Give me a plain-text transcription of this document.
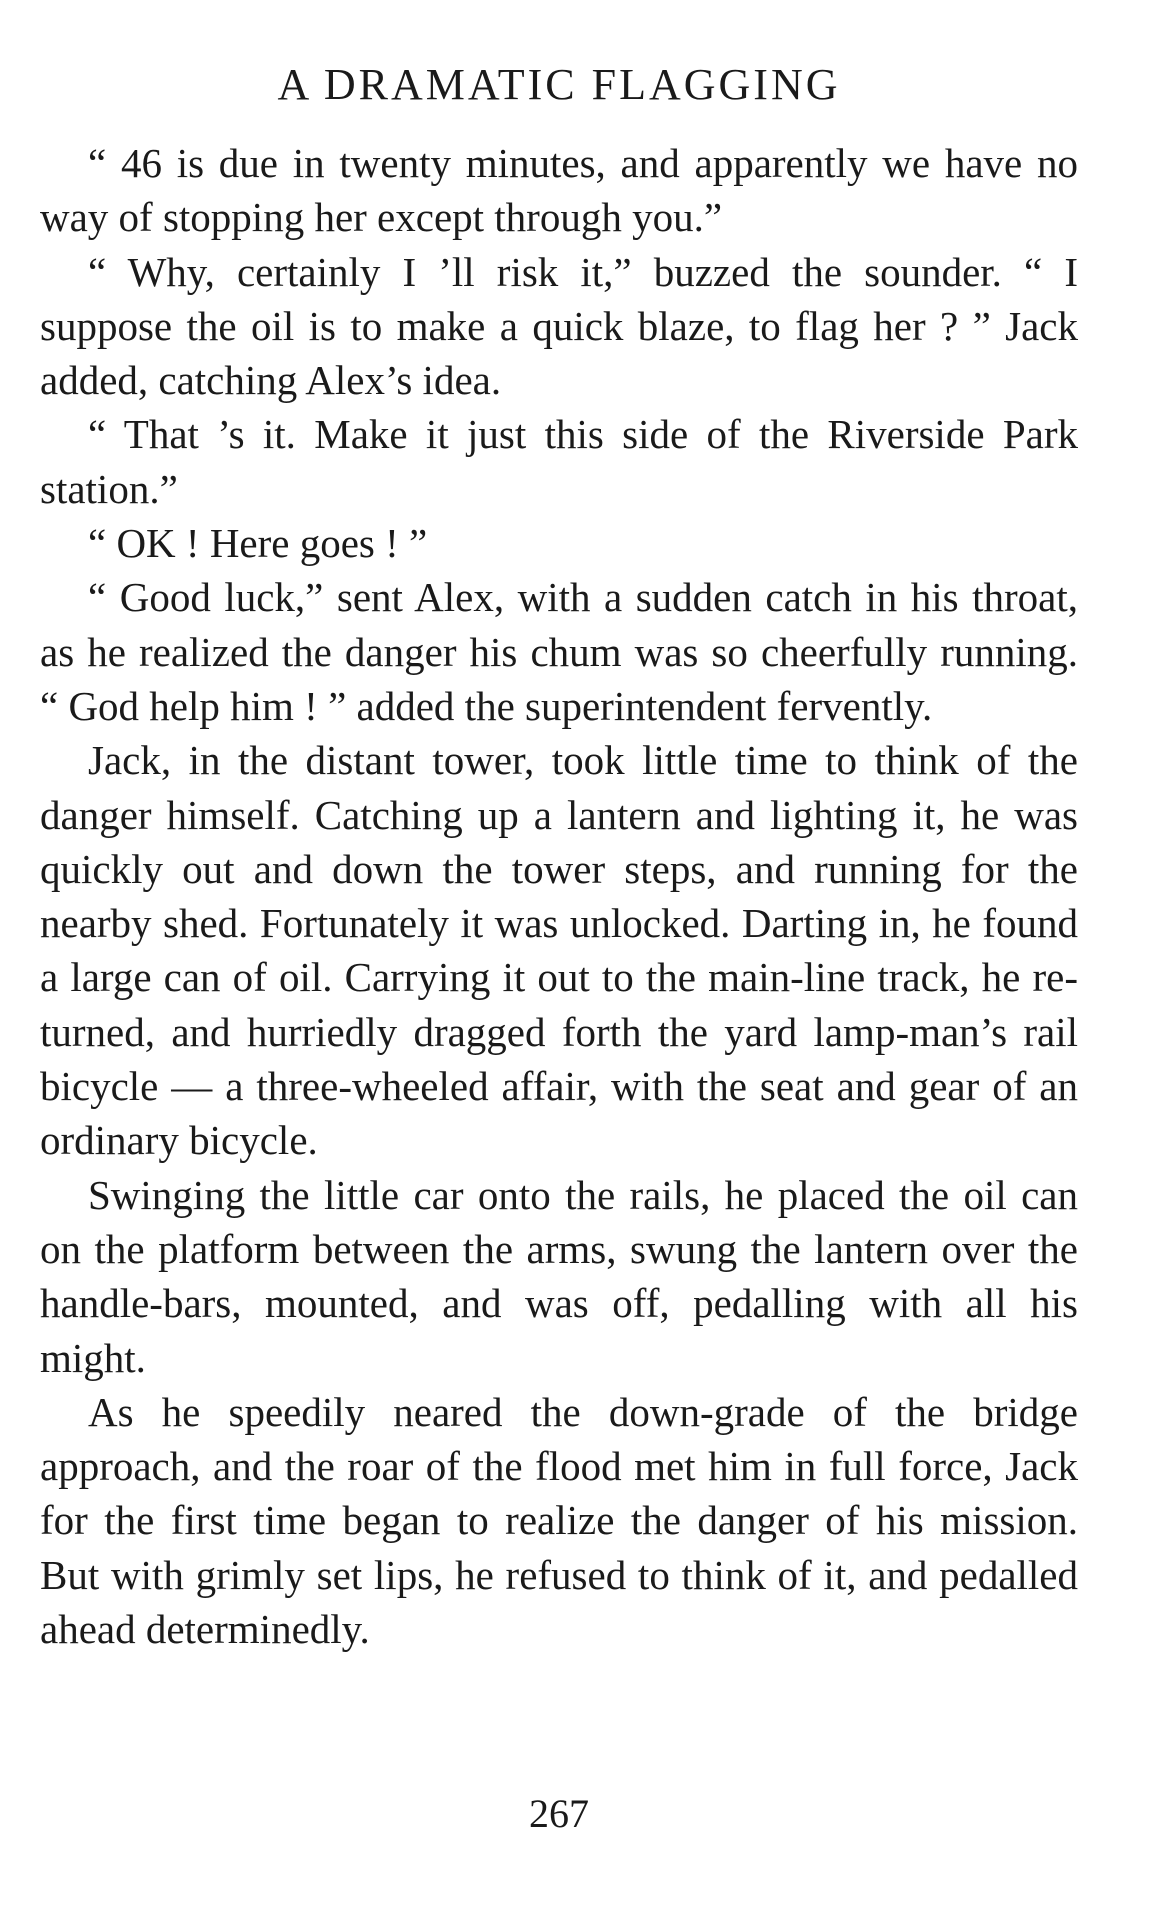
A DRAMATIC FLAGGING

“ 46 is due in twenty minutes, and apparently we have no way of stopping her except through you.”

“ Why, certainly I ’ll risk it,” buzzed the sounder. “ I suppose the oil is to make a quick blaze, to flag her ? ” Jack added, catching Alex’s idea.

“ That ’s it. Make it just this side of the Riverside Park station.”

“ OK ! Here goes ! ”

“ Good luck,” sent Alex, with a sudden catch in his throat, as he realized the danger his chum was so cheerfully running. “ God help him ! ” added the superintendent fervently.

Jack, in the distant tower, took little time to think of the danger himself. Catching up a lantern and lighting it, he was quickly out and down the tower steps, and running for the nearby shed. Fortunately it was unlocked. Darting in, he found a large can of oil. Carrying it out to the main-line track, he re-turned, and hurriedly dragged forth the yard lamp-man’s rail bicycle — a three-wheeled affair, with the seat and gear of an ordinary bicycle.

Swinging the little car onto the rails, he placed the oil can on the platform between the arms, swung the lantern over the handle-bars, mounted, and was off, pedalling with all his might.

As he speedily neared the down-grade of the bridge approach, and the roar of the flood met him in full force, Jack for the first time began to realize the danger of his mission. But with grimly set lips, he refused to think of it, and pedalled ahead determinedly.

267
